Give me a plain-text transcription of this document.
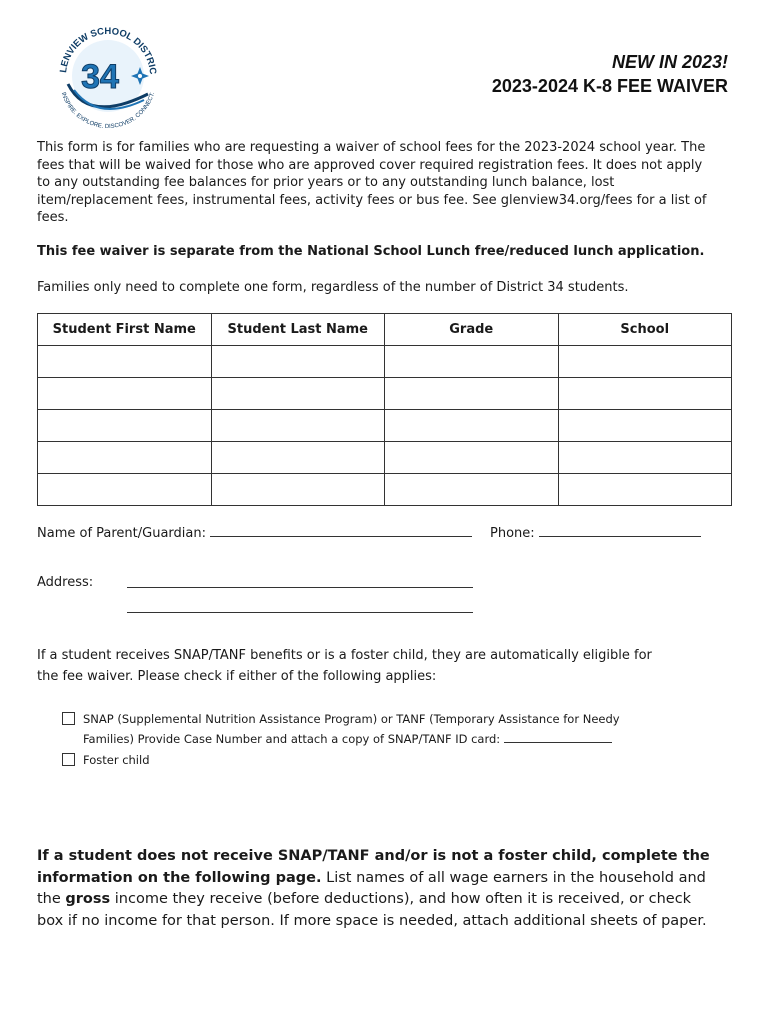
LENVIEW SCHOOL DISTRIC
34
INSPIRE. EXPLORE. DISCOVER. CONNECT.
NEW IN 2023!
2023-2024 K-8 FEE WAIVER
This form is for families who are requesting a waiver of school fees for the 2023-2024 school year. The fees that will be waived for those who are approved cover required registration fees. It does not apply to any outstanding fee balances for prior years or to any outstanding lunch balance, lost item/replacement fees, instrumental fees, activity fees or bus fee. See glenview34.org/fees for a list of fees.
This fee waiver is separate from the National School Lunch free/reduced lunch application.
Families only need to complete one form, regardless of the number of District 34 students.
Student First Name	Student Last Name	Grade	School

Name of Parent/Guardian:	Phone:
Address:
If a student receives SNAP/TANF benefits or is a foster child, they are automatically eligible for the fee waiver. Please check if either of the following applies:
SNAP (Supplemental Nutrition Assistance Program) or TANF (Temporary Assistance for Needy Families) Provide Case Number and attach a copy of SNAP/TANF ID card:
Foster child
If a student does not receive SNAP/TANF and/or is not a foster child, complete the information on the following page. List names of all wage earners in the household and the gross income they receive (before deductions), and how often it is received, or check box if no income for that person. If more space is needed, attach additional sheets of paper.
